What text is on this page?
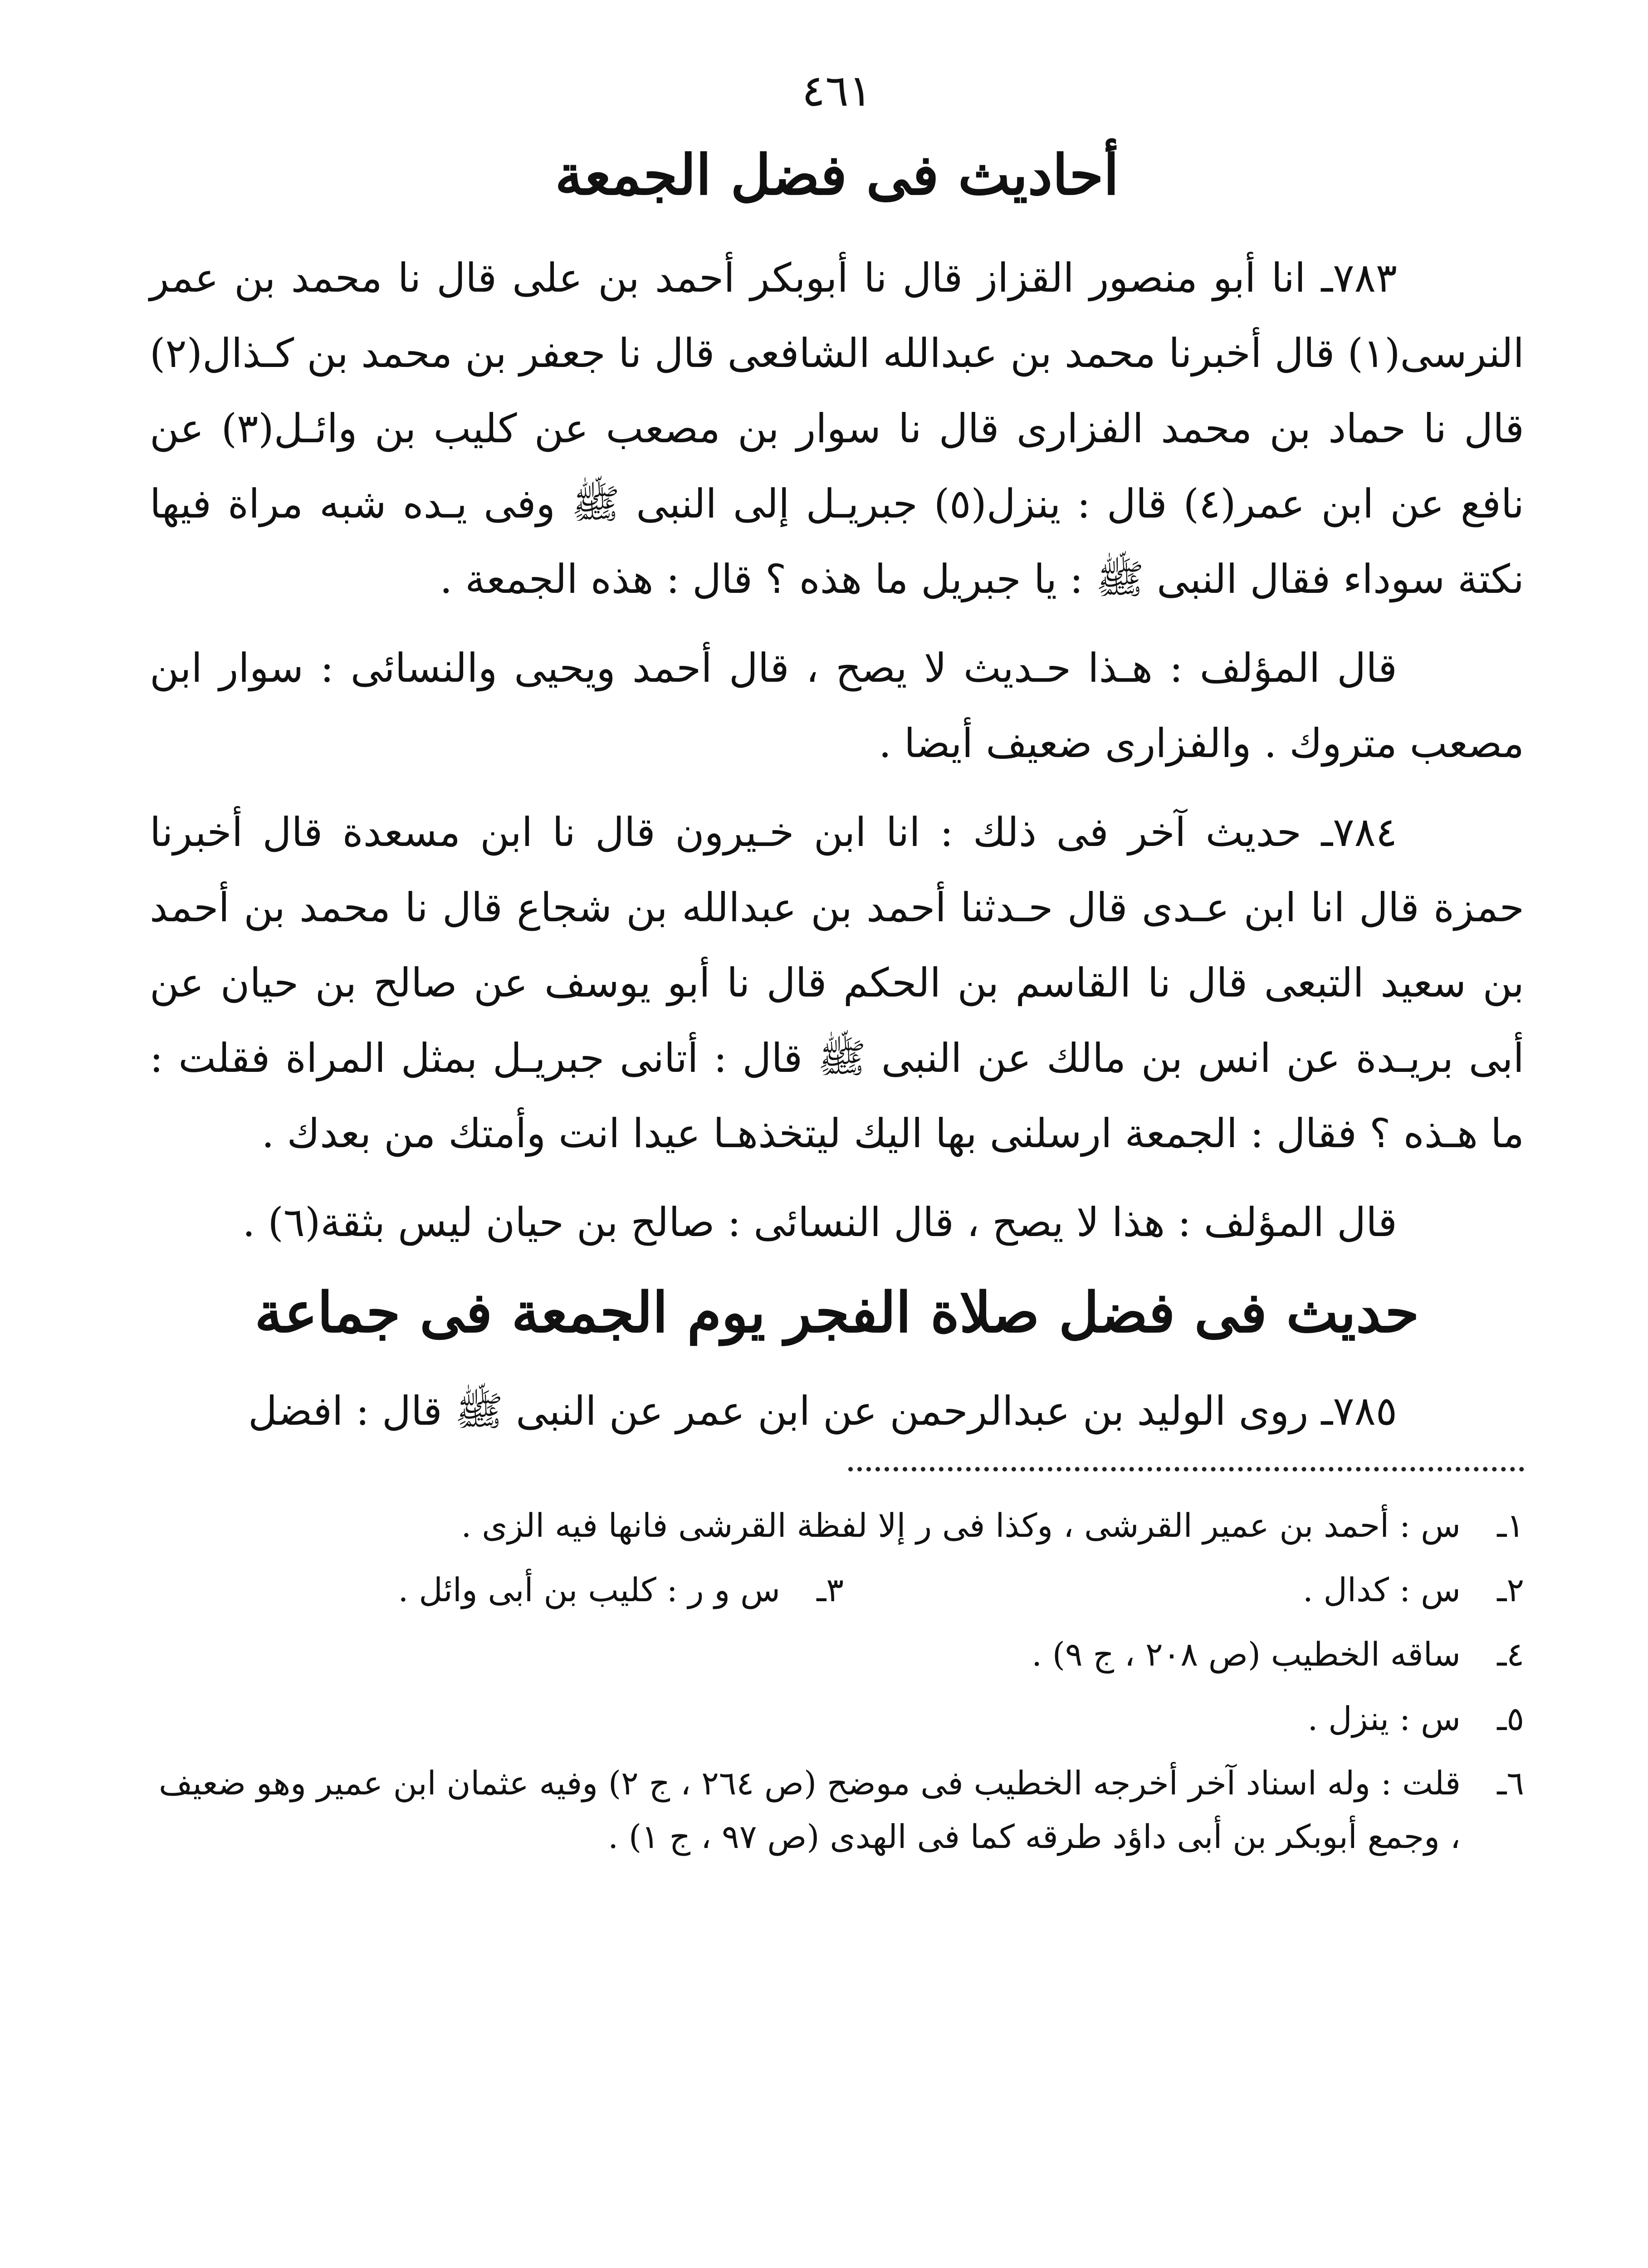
٤٦١
أحاديث فى فضل الجمعة

٧٨٣ـ انا أبو منصور القزاز قال نا أبوبكر أحمد بن على قال نا محمد بن عمر النرسى(١) قال أخبرنا محمد بن عبدالله الشافعى قال نا جعفر بن محمد بن كـذال(٢) قال نا حماد بن محمد الفزارى قال نا سوار بن مصعب عن كليب بن وائـل(٣) عن نافع عن ابن عمر(٤) قال : ينزل(٥) جبريـل إلى النبى ﷺ وفى يـده شبه مراة فيها نكتة سوداء فقال النبى ﷺ : يا جبريل ما هذه ؟ قال : هذه الجمعة .

قال المؤلف : هـذا حـديث لا يصح ، قال أحمد ويحيى والنسائى : سوار ابن مصعب متروك . والفزارى ضعيف أيضا .

٧٨٤ـ حديث آخر فى ذلك : انا ابن خـيرون قال نا ابن مسعدة قال أخبرنا حمزة قال انا ابن عـدى قال حـدثنا أحمد بن عبدالله بن شجاع قال نا محمد بن أحمد بن سعيد التبعى قال نا القاسم بن الحكم قال نا أبو يوسف عن صالح بن حيان عن أبى بريـدة عن انس بن مالك عن النبى ﷺ قال : أتانى جبريـل بمثل المراة فقلت : ما هـذه ؟ فقال : الجمعة ارسلنى بها اليك ليتخذهـا عيدا انت وأمتك من بعدك .

قال المؤلف : هذا لا يصح ، قال النسائى : صالح بن حيان ليس بثقة(٦) .

حديث فى فضل صلاة الفجر يوم الجمعة فى جماعة

٧٨٥ـ روى الوليد بن عبدالرحمن عن ابن عمر عن النبى ﷺ قال : افضل

١ـ
س : أحمد بن عمير القرشى ، وكذا فى ر إلا لفظة القرشى فانها فيه الزى .
٢ـ
س : كدال .
٣ـ
س و ر : كليب بن أبى وائل .
٤ـ
ساقه الخطيب (ص ٢٠٨ ، ج ٩) .
٥ـ
س : ينزل .
٦ـ
قلت : وله اسناد آخر أخرجه الخطيب فى موضح (ص ٢٦٤ ، ج ٢) وفيه عثمان ابن عمير وهو ضعيف ، وجمع أبوبكر بن أبى داؤد طرقه كما فى الهدى (ص ٩٧ ، ج ١) .
